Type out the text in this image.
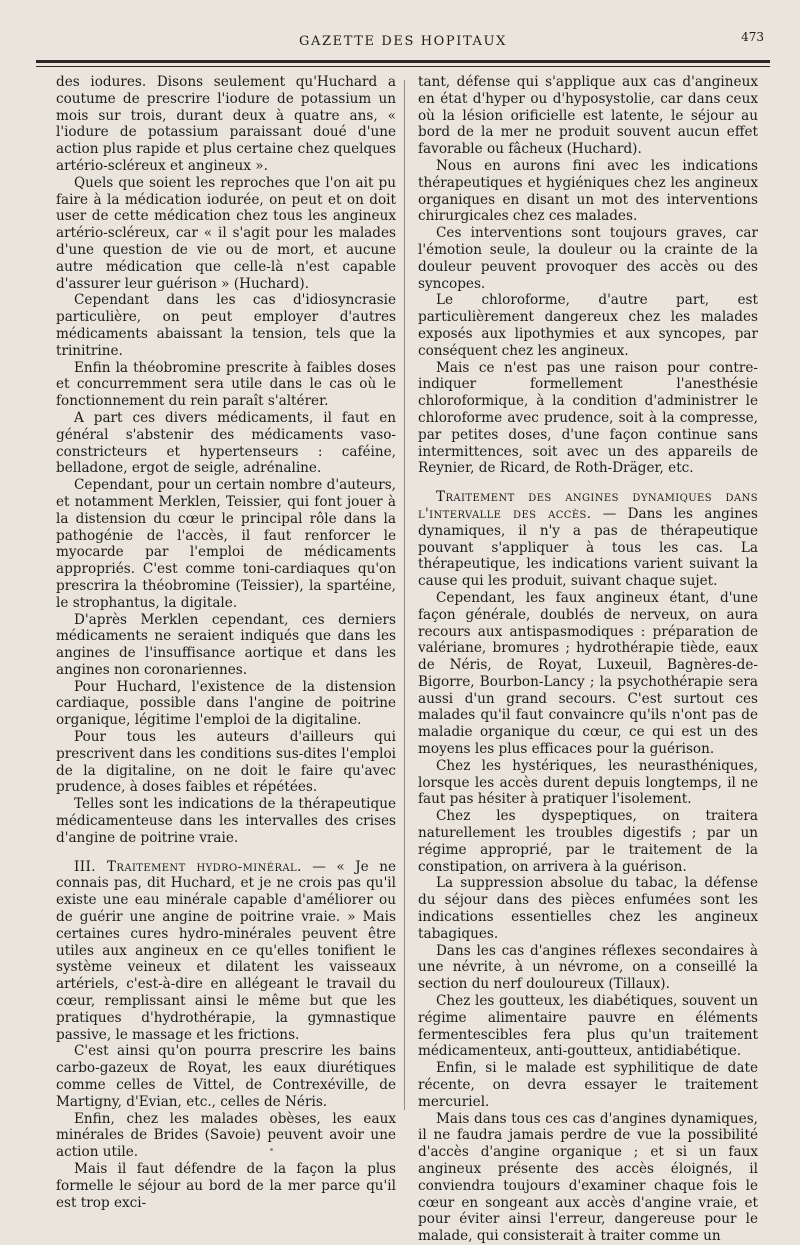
GAZETTE DES HOPITAUX	473

des iodures. Disons seulement qu'Huchard a coutume de prescrire l'iodure de potassium un mois sur trois, durant deux à quatre ans, « l'iodure de potassium paraissant doué d'une action plus rapide et plus certaine chez quelques artério-scléreux et angineux ».

Quels que soient les reproches que l'on ait pu faire à la médication iodurée, on peut et on doit user de cette médication chez tous les angineux artério-scléreux, car « il s'agit pour les malades d'une question de vie ou de mort, et aucune autre médication que celle-là n'est capable d'assurer leur guérison » (Huchard).

Cependant dans les cas d'idiosyncrasie particulière, on peut employer d'autres médicaments abaissant la tension, tels que la trinitrine.

Enfin la théobromine prescrite à faibles doses et concurremment sera utile dans le cas où le fonctionnement du rein paraît s'altérer.

A part ces divers médicaments, il faut en général s'abstenir des médicaments vaso-constricteurs et hypertenseurs : caféine, belladone, ergot de seigle, adrénaline.

Cependant, pour un certain nombre d'auteurs, et notamment Merklen, Teissier, qui font jouer à la distension du cœur le principal rôle dans la pathogénie de l'accès, il faut renforcer le myocarde par l'emploi de médicaments appropriés. C'est comme toni-cardiaques qu'on prescrira la théobromine (Teissier), la spartéine, le strophantus, la digitale.

D'après Merklen cependant, ces derniers médicaments ne seraient indiqués que dans les angines de l'insuffisance aortique et dans les angines non coronariennes.

Pour Huchard, l'existence de la distension cardiaque, possible dans l'angine de poitrine organique, légitime l'emploi de la digitaline.

Pour tous les auteurs d'ailleurs qui prescrivent dans les conditions sus-dites l'emploi de la digitaline, on ne doit le faire qu'avec prudence, à doses faibles et répétées.

Telles sont les indications de la thérapeutique médicamenteuse dans les intervalles des crises d'angine de poitrine vraie.

III. Traitement hydro-minéral. — « Je ne connais pas, dit Huchard, et je ne crois pas qu'il existe une eau minérale capable d'améliorer ou de guérir une angine de poitrine vraie. » Mais certaines cures hydro-minérales peuvent être utiles aux angineux en ce qu'elles tonifient le système veineux et dilatent les vaisseaux artériels, c'est-à-dire en allégeant le travail du cœur, remplissant ainsi le même but que les pratiques d'hydrothérapie, la gymnastique passive, le massage et les frictions.

C'est ainsi qu'on pourra prescrire les bains carbo-gazeux de Royat, les eaux diurétiques comme celles de Vittel, de Contrexéville, de Martigny, d'Evian, etc., celles de Néris.

Enfin, chez les malades obèses, les eaux minérales de Brides (Savoie) peuvent avoir une action utile.

Mais il faut défendre de la façon la plus formelle le séjour au bord de la mer parce qu'il est trop exci-

tant, défense qui s'applique aux cas d'angineux en état d'hyper ou d'hyposystolie, car dans ceux où la lésion orificielle est latente, le séjour au bord de la mer ne produit souvent aucun effet favorable ou fâcheux (Huchard).

Nous en aurons fini avec les indications thérapeutiques et hygiéniques chez les angineux organiques en disant un mot des interventions chirurgicales chez ces malades.

Ces interventions sont toujours graves, car l'émotion seule, la douleur ou la crainte de la douleur peuvent provoquer des accès ou des syncopes.

Le chloroforme, d'autre part, est particulièrement dangereux chez les malades exposés aux lipothymies et aux syncopes, par conséquent chez les angineux.

Mais ce n'est pas une raison pour contre-indiquer formellement l'anesthésie chloroformique, à la condition d'administrer le chloroforme avec prudence, soit à la compresse, par petites doses, d'une façon continue sans intermittences, soit avec un des appareils de Reynier, de Ricard, de Roth-Dräger, etc.

Traitement des angines dynamiques dans l'intervalle des accès. — Dans les angines dynamiques, il n'y a pas de thérapeutique pouvant s'appliquer à tous les cas. La thérapeutique, les indications varient suivant la cause qui les produit, suivant chaque sujet.

Cependant, les faux angineux étant, d'une façon générale, doublés de nerveux, on aura recours aux antispasmodiques : préparation de valériane, bromures ; hydrothérapie tiède, eaux de Néris, de Royat, Luxeuil, Bagnères-de-Bigorre, Bourbon-Lancy ; la psychothérapie sera aussi d'un grand secours. C'est surtout ces malades qu'il faut convaincre qu'ils n'ont pas de maladie organique du cœur, ce qui est un des moyens les plus efficaces pour la guérison.

Chez les hystériques, les neurasthéniques, lorsque les accès durent depuis longtemps, il ne faut pas hésiter à pratiquer l'isolement.

Chez les dyspeptiques, on traitera naturellement les troubles digestifs ; par un régime approprié, par le traitement de la constipation, on arrivera à la guérison.

La suppression absolue du tabac, la défense du séjour dans des pièces enfumées sont les indications essentielles chez les angineux tabagiques.

Dans les cas d'angines réflexes secondaires à une névrite, à un névrome, on a conseillé la section du nerf douloureux (Tillaux).

Chez les goutteux, les diabétiques, souvent un régime alimentaire pauvre en éléments fermentescibles fera plus qu'un traitement médicamenteux, anti-goutteux, antidiabétique.

Enfin, si le malade est syphilitique de date récente, on devra essayer le traitement mercuriel.

Mais dans tous ces cas d'angines dynamiques, il ne faudra jamais perdre de vue la possibilité d'accès d'angine organique ; et si un faux angineux présente des accès éloignés, il conviendra toujours d'examiner chaque fois le cœur en songeant aux accès d'angine vraie, et pour éviter ainsi l'erreur, dangereuse pour le malade, qui consisterait à traiter comme un
